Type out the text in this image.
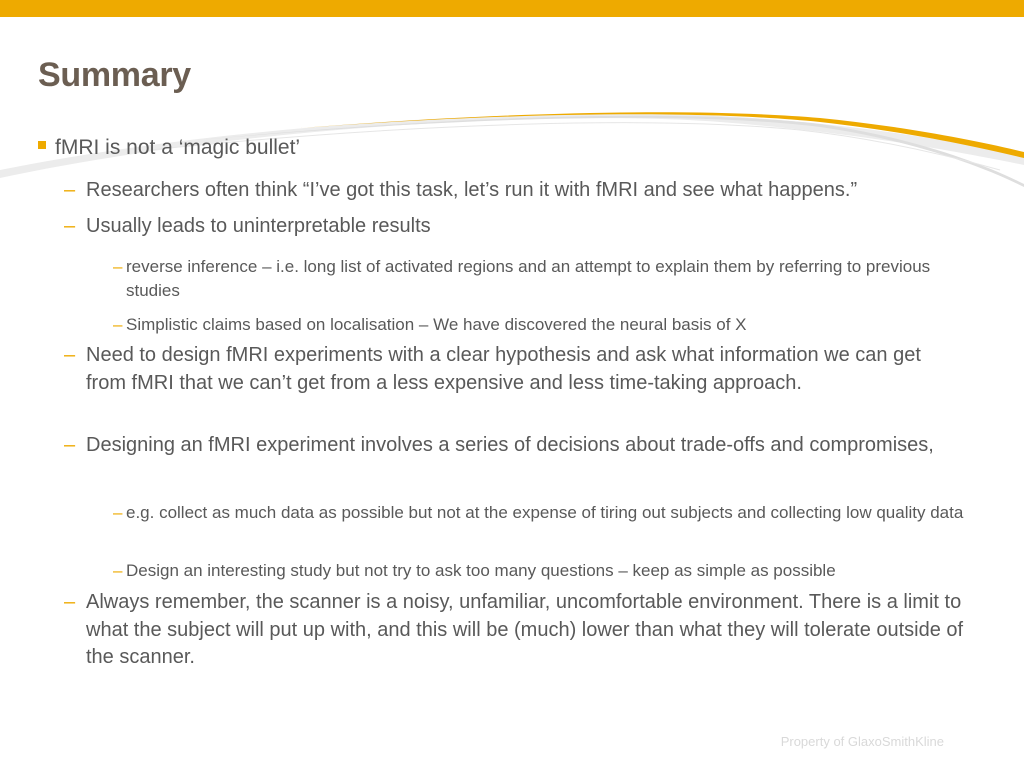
Summary

fMRI is not a ‘magic bullet’

– Researchers often think “I’ve got this task, let’s run it with fMRI and see what happens.”

– Usually leads to uninterpretable results

– reverse inference – i.e. long list of activated regions and an attempt to explain them by referring to previous studies

– Simplistic claims based on localisation – We have discovered the neural basis of X

– Need to design fMRI experiments with a clear hypothesis and ask what information we can get from fMRI that we can’t get from a less expensive and less time-taking approach.

– Designing an fMRI experiment involves a series of decisions about trade-offs and compromises,

– e.g. collect as much data as possible but not at the expense of tiring out subjects and collecting low quality data

– Design an interesting study but not try to ask too many questions – keep as simple as possible

– Always remember, the scanner is a noisy, unfamiliar, uncomfortable environment. There is a limit to what the subject will put up with, and this will be (much) lower than what they will tolerate outside of the scanner.

Property of GlaxoSmithKline
